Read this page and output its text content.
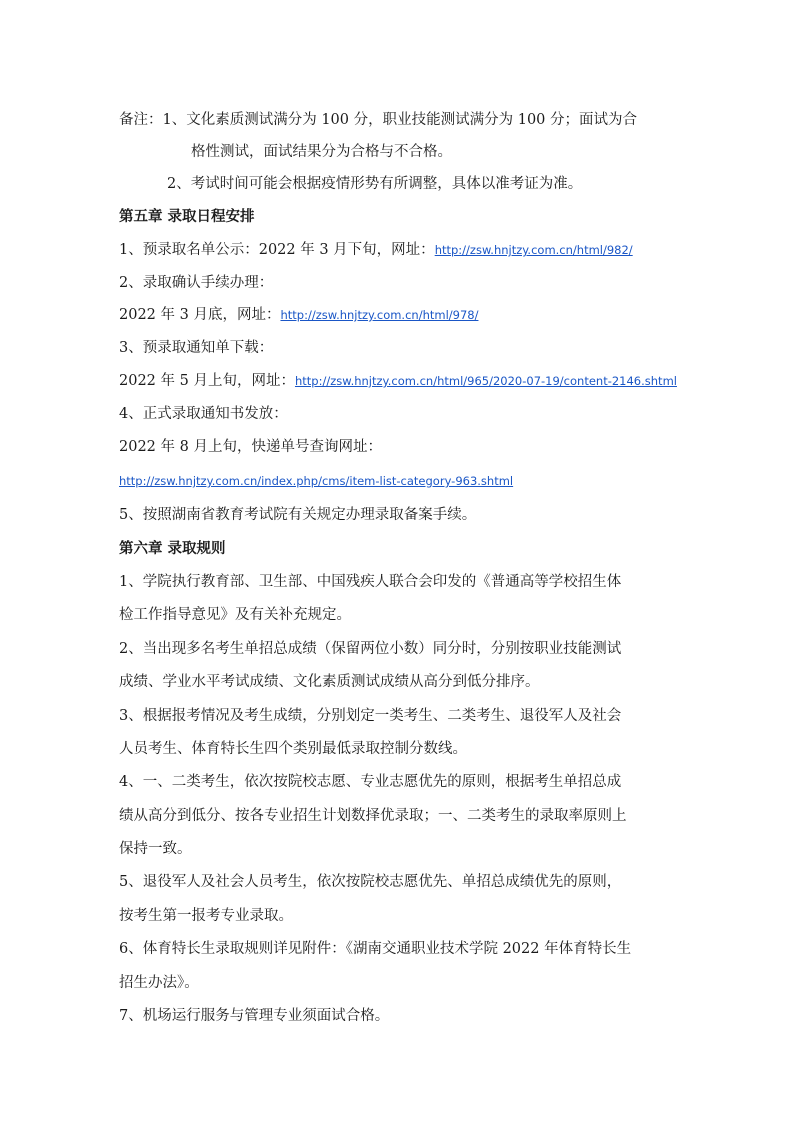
备注：1、文化素质测试满分为 100 分，职业技能测试满分为 100 分；面试为合
格性测试，面试结果分为合格与不合格。
2、考试时间可能会根据疫情形势有所调整，具体以准考证为准。
第五章 录取日程安排
1、预录取名单公示：2022 年 3 月下旬，网址：http://zsw.hnjtzy.com.cn/html/982/
2、录取确认手续办理：
2022 年 3 月底，网址：http://zsw.hnjtzy.com.cn/html/978/
3、预录取通知单下载：
2022 年 5 月上旬，网址：http://zsw.hnjtzy.com.cn/html/965/2020-07-19/content-2146.shtml
4、正式录取通知书发放：
2022 年 8 月上旬，快递单号查询网址：
http://zsw.hnjtzy.com.cn/index.php/cms/item-list-category-963.shtml
5、按照湖南省教育考试院有关规定办理录取备案手续。
第六章 录取规则
1、学院执行教育部、卫生部、中国残疾人联合会印发的《普通高等学校招生体
检工作指导意见》及有关补充规定。
2、当出现多名考生单招总成绩（保留两位小数）同分时，分别按职业技能测试
成绩、学业水平考试成绩、文化素质测试成绩从高分到低分排序。
3、根据报考情况及考生成绩，分别划定一类考生、二类考生、退役军人及社会
人员考生、体育特长生四个类别最低录取控制分数线。
4、一、二类考生，依次按院校志愿、专业志愿优先的原则，根据考生单招总成
绩从高分到低分、按各专业招生计划数择优录取；一、二类考生的录取率原则上
保持一致。
5、退役军人及社会人员考生，依次按院校志愿优先、单招总成绩优先的原则，
按考生第一报考专业录取。
6、体育特长生录取规则详见附件：《湖南交通职业技术学院 2022 年体育特长生
招生办法》。
7、机场运行服务与管理专业须面试合格。
